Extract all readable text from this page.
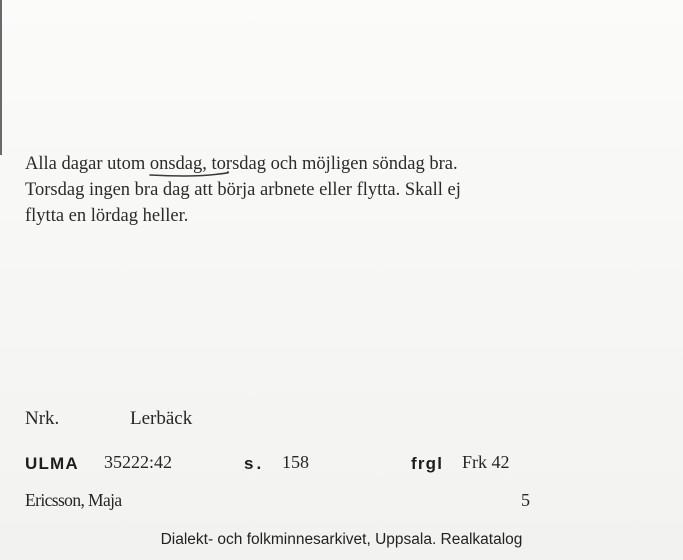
Alla dagar utom onsdag,
torsdag och möjligen söndag bra.

Torsdag ingen bra dag att börja arbnete eller flytta. Skall ej

flytta en lördag heller.

Nrk.	Lerbäck
ULMA 35222:42	s. 158	frgl Frk 42
Ericsson, Maja	5
Dialekt- och folkminnesarkivet, Uppsala. Realkatalog
